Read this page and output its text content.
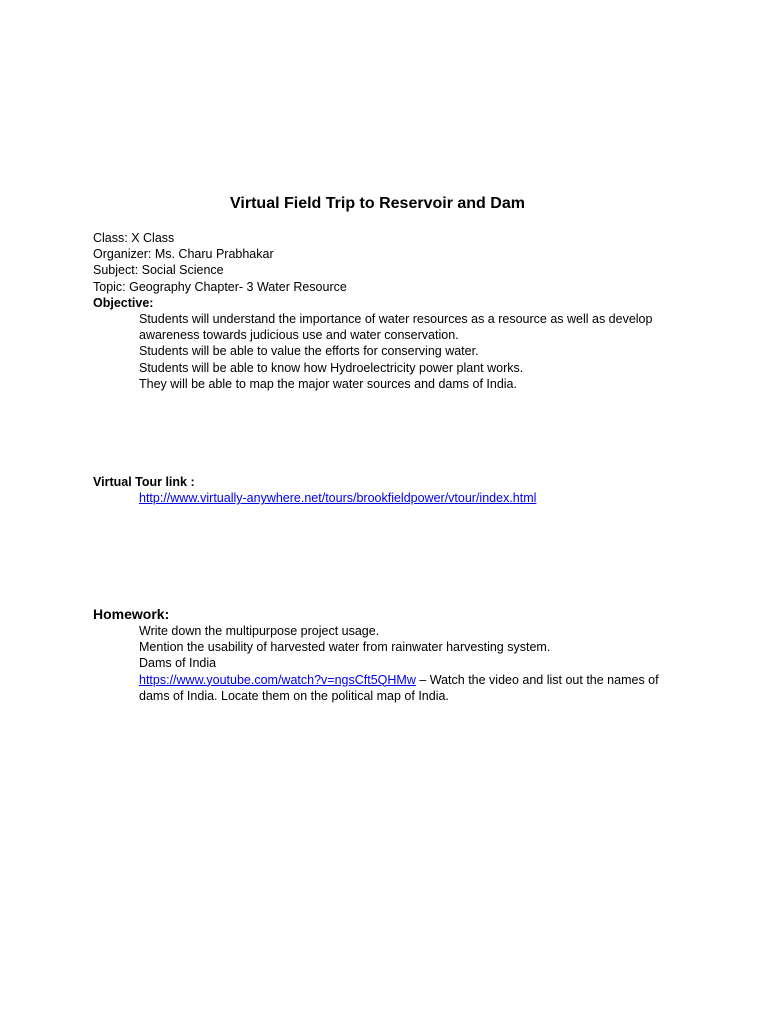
Virtual Field Trip to Reservoir and Dam
Class: X Class
Organizer: Ms. Charu Prabhakar
Subject: Social Science
Topic: Geography Chapter- 3 Water Resource
Objective:
Students will understand the importance of water resources as a resource as well as develop awareness towards judicious use and water conservation.
Students will be able to value the efforts for conserving water.
Students will be able to know how Hydroelectricity power plant works.
They will be able to map the major water sources and dams of India.
Virtual Tour link :
http://www.virtually-anywhere.net/tours/brookfieldpower/vtour/index.html
Homework:
Write down the multipurpose project usage.
Mention the usability of harvested water from rainwater harvesting system.
Dams of India
https://www.youtube.com/watch?v=ngsCft5QHMw – Watch the video and list out the names of dams of India. Locate them on the political map of India.
